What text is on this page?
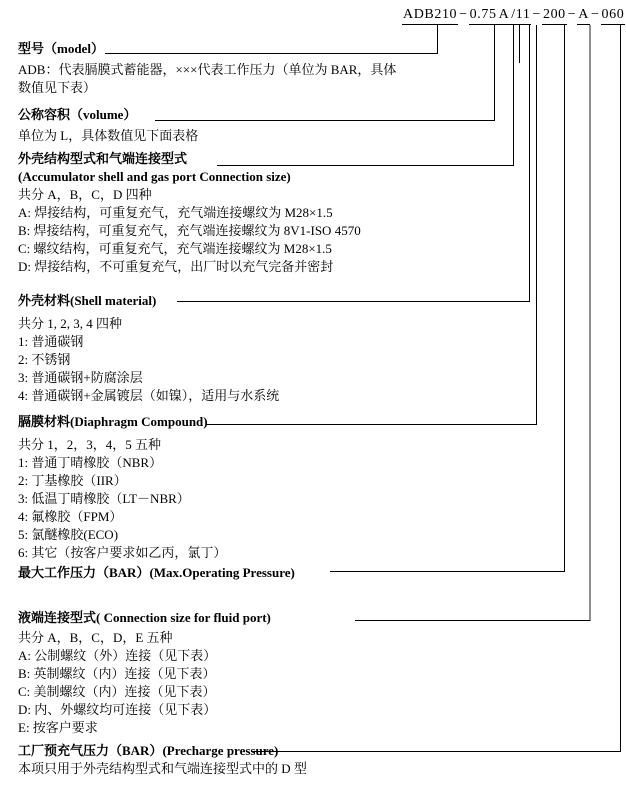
ADB210 − 0.75 A /11 − 200 − A − 060
型号（model）
ADB：代表膈膜式蓄能器，×××代表工作压力（单位为 BAR，具体
数值见下表）
公称容积（volume）
单位为 L，具体数值见下面表格
外壳结构型式和气端连接型式
(Accumulator shell and gas port Connection size)
共分 A，B，C，D 四种
A: 焊接结构，可重复充气，充气端连接螺纹为 M28×1.5
B: 焊接结构，可重复充气，充气端连接螺纹为 8V1-ISO 4570
C: 螺纹结构，可重复充气，充气端连接螺纹为 M28×1.5
D: 焊接结构，不可重复充气，出厂时以充气完备并密封
外壳材料(Shell material)
共分 1, 2, 3, 4 四种
1: 普通碳钢
2: 不锈钢
3: 普通碳钢+防腐涂层
4: 普通碳钢+金属镀层（如镍），适用与水系统
膈膜材料(Diaphragm Compound)
共分 1，2，3，4，5 五种
1: 普通丁晴橡胶（NBR）
2: 丁基橡胶（IIR）
3: 低温丁晴橡胶（LT－NBR）
4: 氟橡胶（FPM）
5: 氯醚橡胶(ECO)
6: 其它（按客户要求如乙丙，氯丁）
最大工作压力（BAR）(Max.Operating Pressure)
液端连接型式( Connection size for fluid port)
共分 A，B，C，D，E 五种
A: 公制螺纹（外）连接（见下表）
B: 英制螺纹（内）连接（见下表）
C: 美制螺纹（内）连接（见下表）
D: 内、外螺纹均可连接（见下表）
E: 按客户要求
工厂预充气压力（BAR）(Precharge pressure)
本项只用于外壳结构型式和气端连接型式中的 D 型
